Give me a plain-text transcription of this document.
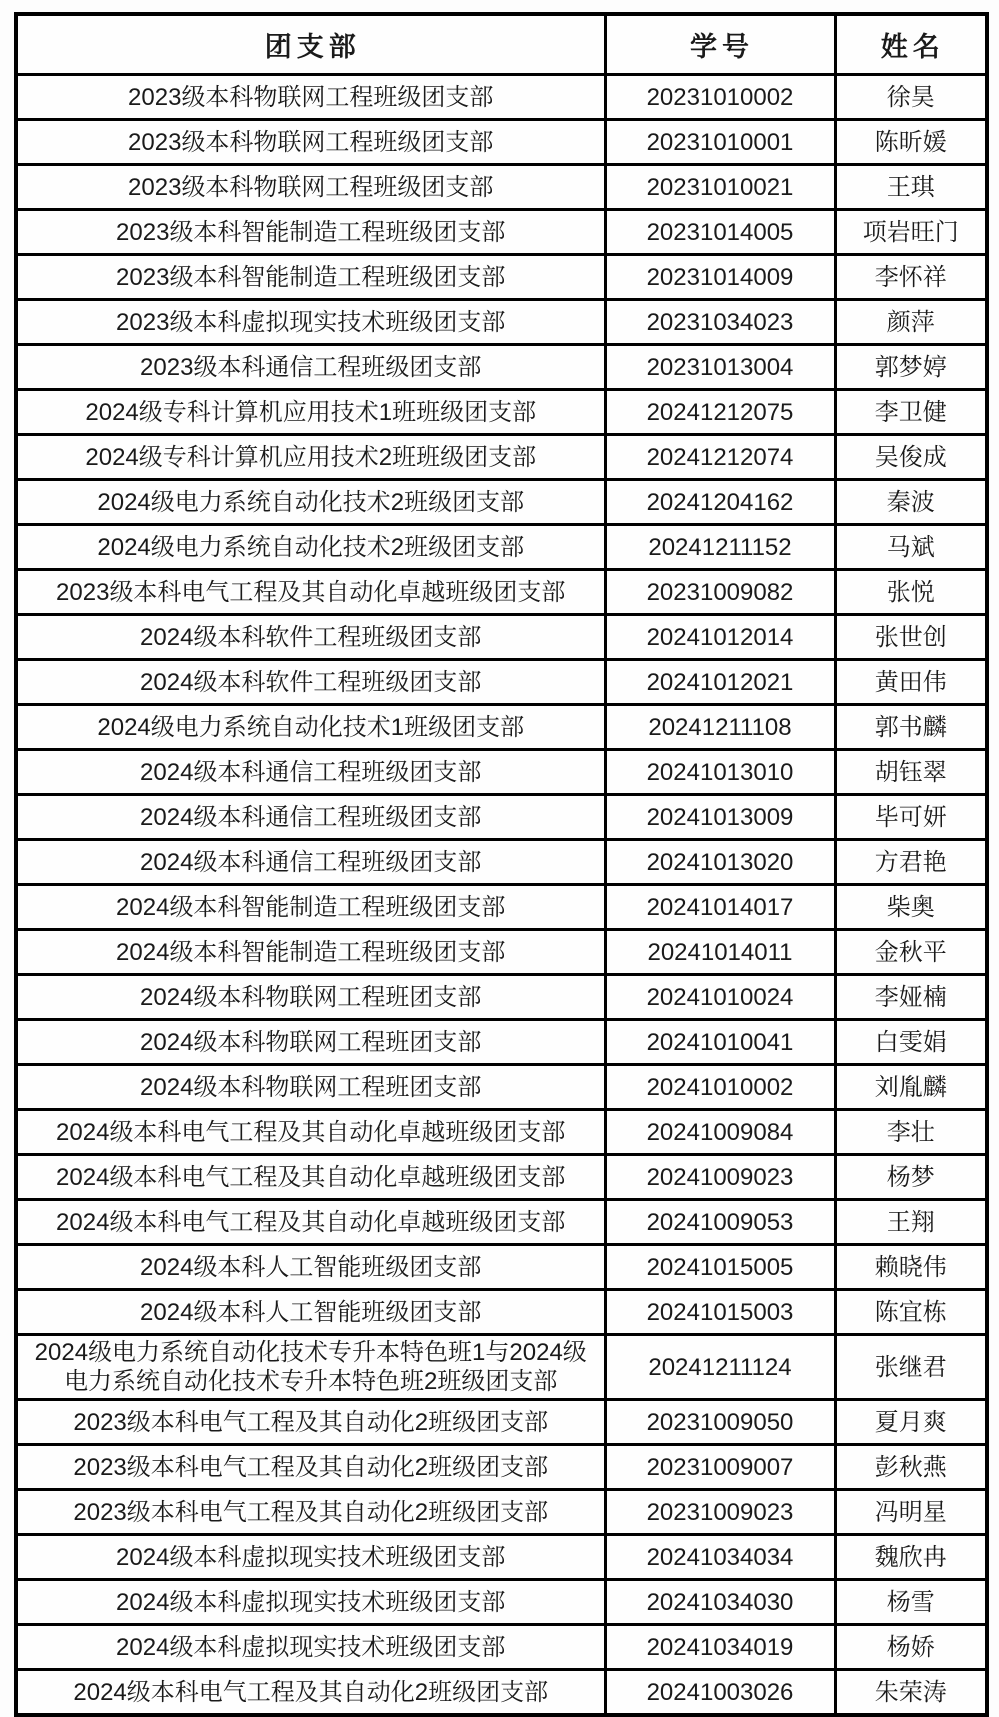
团支部	学号	姓名
2023级本科物联网工程班级团支部	20231010002	徐昊
2023级本科物联网工程班级团支部	20231010001	陈昕媛
2023级本科物联网工程班级团支部	20231010021	王琪
2023级本科智能制造工程班级团支部	20231014005	项岩旺门
2023级本科智能制造工程班级团支部	20231014009	李怀祥
2023级本科虚拟现实技术班级团支部	20231034023	颜萍
2023级本科通信工程班级团支部	20231013004	郭梦婷
2024级专科计算机应用技术1班班级团支部	20241212075	李卫健
2024级专科计算机应用技术2班班级团支部	20241212074	吴俊成
2024级电力系统自动化技术2班级团支部	20241204162	秦波
2024级电力系统自动化技术2班级团支部	20241211152	马斌
2023级本科电气工程及其自动化卓越班级团支部	20231009082	张悦
2024级本科软件工程班级团支部	20241012014	张世创
2024级本科软件工程班级团支部	20241012021	黄田伟
2024级电力系统自动化技术1班级团支部	20241211108	郭书麟
2024级本科通信工程班级团支部	20241013010	胡钰翠
2024级本科通信工程班级团支部	20241013009	毕可妍
2024级本科通信工程班级团支部	20241013020	方君艳
2024级本科智能制造工程班级团支部	20241014017	柴奥
2024级本科智能制造工程班级团支部	20241014011	金秋平
2024级本科物联网工程班团支部	20241010024	李娅楠
2024级本科物联网工程班团支部	20241010041	白雯娟
2024级本科物联网工程班团支部	20241010002	刘胤麟
2024级本科电气工程及其自动化卓越班级团支部	20241009084	李壮
2024级本科电气工程及其自动化卓越班级团支部	20241009023	杨梦
2024级本科电气工程及其自动化卓越班级团支部	20241009053	王翔
2024级本科人工智能班级团支部	20241015005	赖晓伟
2024级本科人工智能班级团支部	20241015003	陈宜栋
2024级电力系统自动化技术专升本特色班1与2024级电力系统自动化技术专升本特色班2班级团支部	20241211124	张继君
2023级本科电气工程及其自动化2班级团支部	20231009050	夏月爽
2023级本科电气工程及其自动化2班级团支部	20231009007	彭秋燕
2023级本科电气工程及其自动化2班级团支部	20231009023	冯明星
2024级本科虚拟现实技术班级团支部	20241034034	魏欣冉
2024级本科虚拟现实技术班级团支部	20241034030	杨雪
2024级本科虚拟现实技术班级团支部	20241034019	杨娇
2024级本科电气工程及其自动化2班级团支部	20241003026	朱荣涛
